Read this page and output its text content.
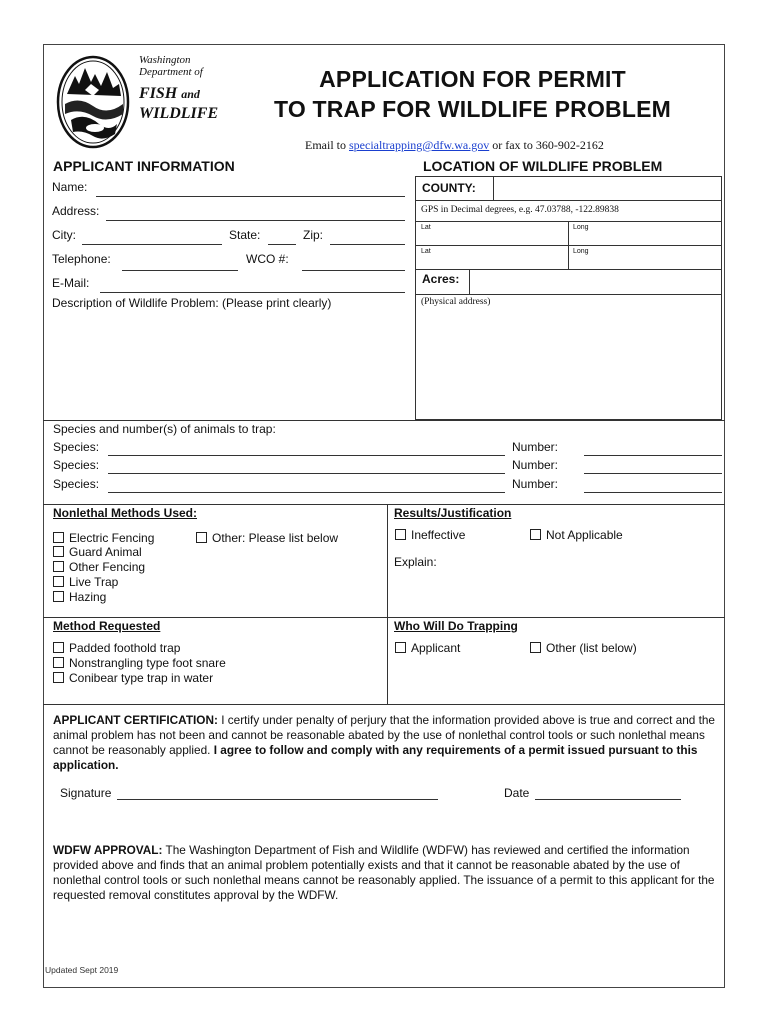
Washington
Department of
FISH and
WILDLIFE
APPLICATION FOR PERMIT
TO TRAP FOR WILDLIFE PROBLEM
Email to specialtrapping@dfw.wa.gov or fax to 360-902-2162
APPLICANT INFORMATION	LOCATION OF WILDLIFE PROBLEM
Name:
Address:
City:	State:	Zip:
Telephone:	WCO #:
E-Mail:
Description of Wildlife Problem: (Please print clearly)
COUNTY:
GPS in Decimal degrees, e.g. 47.03788, -122.89838
Lat	Long
Lat	Long
Acres:
(Physical address)
Species and number(s) of animals to trap:
Species:	Number:
Species:	Number:
Species:	Number:
Nonlethal Methods Used:
Electric Fencing
Guard Animal
Other Fencing
Live Trap
Hazing
Other: Please list below
Results/Justification
Ineffective	Not Applicable
Explain:
Method Requested
Padded foothold trap
Nonstrangling type foot snare
Conibear type trap in water
Who Will Do Trapping
Applicant	Other (list below)
APPLICANT CERTIFICATION: I certify under penalty of perjury that the information provided above is true and correct and the animal problem has not been and cannot be reasonable abated by the use of nonlethal control tools or such nonlethal means cannot be reasonably applied. I agree to follow and comply with any requirements of a permit issued pursuant to this application.
Signature	Date
WDFW APPROVAL: The Washington Department of Fish and Wildlife (WDFW) has reviewed and certified the information provided above and finds that an animal problem potentially exists and that it cannot be reasonable abated by the use of nonlethal control tools or such nonlethal means cannot be reasonably applied. The issuance of a permit to this applicant for the requested removal constitutes approval by the WDFW.
Updated Sept 2019
